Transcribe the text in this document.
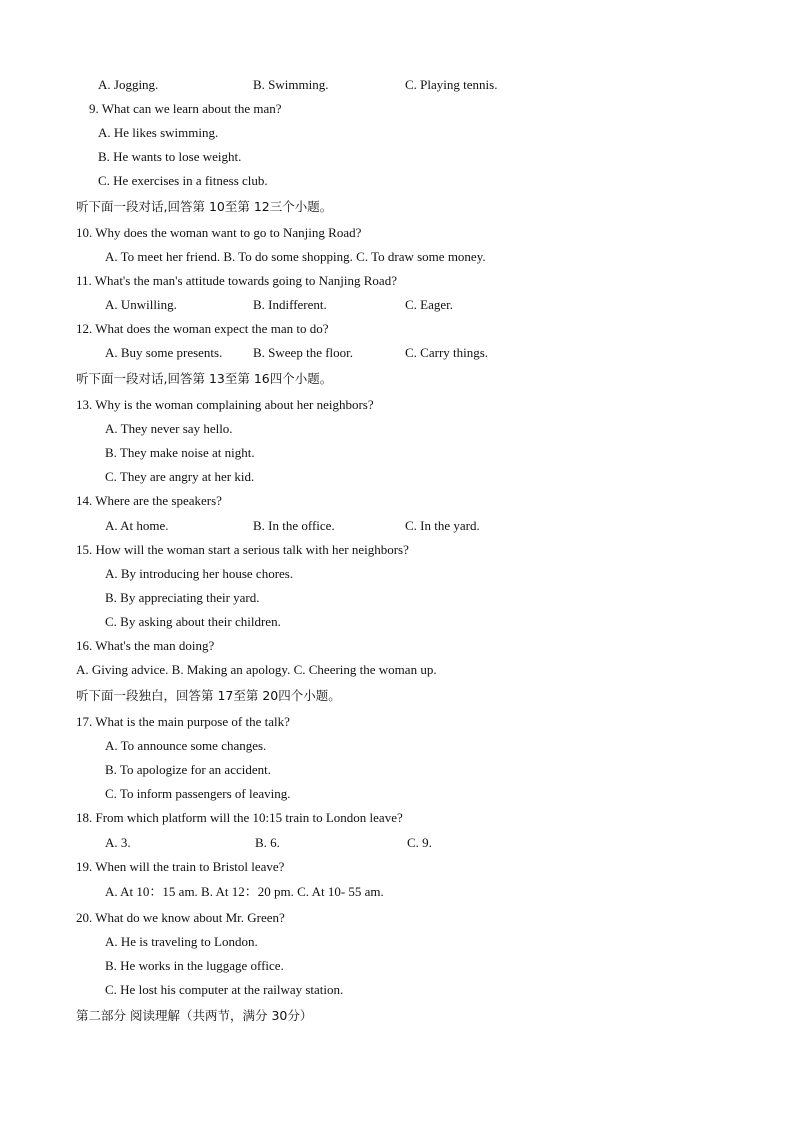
A. Jogging.	B. Swimming.	C. Playing tennis.
9. What can we learn about the man?
A. He likes swimming.
B. He wants to lose weight.
C. He exercises in a fitness club.
听下面一段对话,回答第 10至第 12三个小题。
10. Why does the woman want to go to Nanjing Road?
A. To meet her friend. B. To do some shopping. C. To draw some money.
11. What's the man's attitude towards going to Nanjing Road?
A. Unwilling.	B. Indifferent.	C. Eager.
12. What does the woman expect the man to do?
A. Buy some presents. B. Sweep the floor.	C. Carry things.
听下面一段对话,回答第 13至第 16四个小题。
13. Why is the woman complaining about her neighbors?
A. They never say hello.
B. They make noise at night.
C. They are angry at her kid.
14. Where are the speakers?
A. At home.	B. In the office.	C. In the yard.
15. How will the woman start a serious talk with her neighbors?
A. By introducing her house chores.
B. By appreciating their yard.
C. By asking about their children.
16. What's the man doing?
A. Giving advice. B. Making an apology. C. Cheering the woman up.
听下面一段独白，回答第 17至第 20四个小题。
17. What is the main purpose of the talk?
A. To announce some changes.
B. To apologize for an accident.
C. To inform passengers of leaving.
18. From which platform will the 10:15 train to London leave?
A. 3.	B. 6.	C. 9.
19. When will the train to Bristol leave?
A. At 10：15 am. B. At 12：20 pm. C. At 10- 55 am.
20. What do we know about Mr. Green?
A. He is traveling to London.
B. He works in the luggage office.
C. He lost his computer at the railway station.
第二部分 阅读理解（共两节，满分 30分）
